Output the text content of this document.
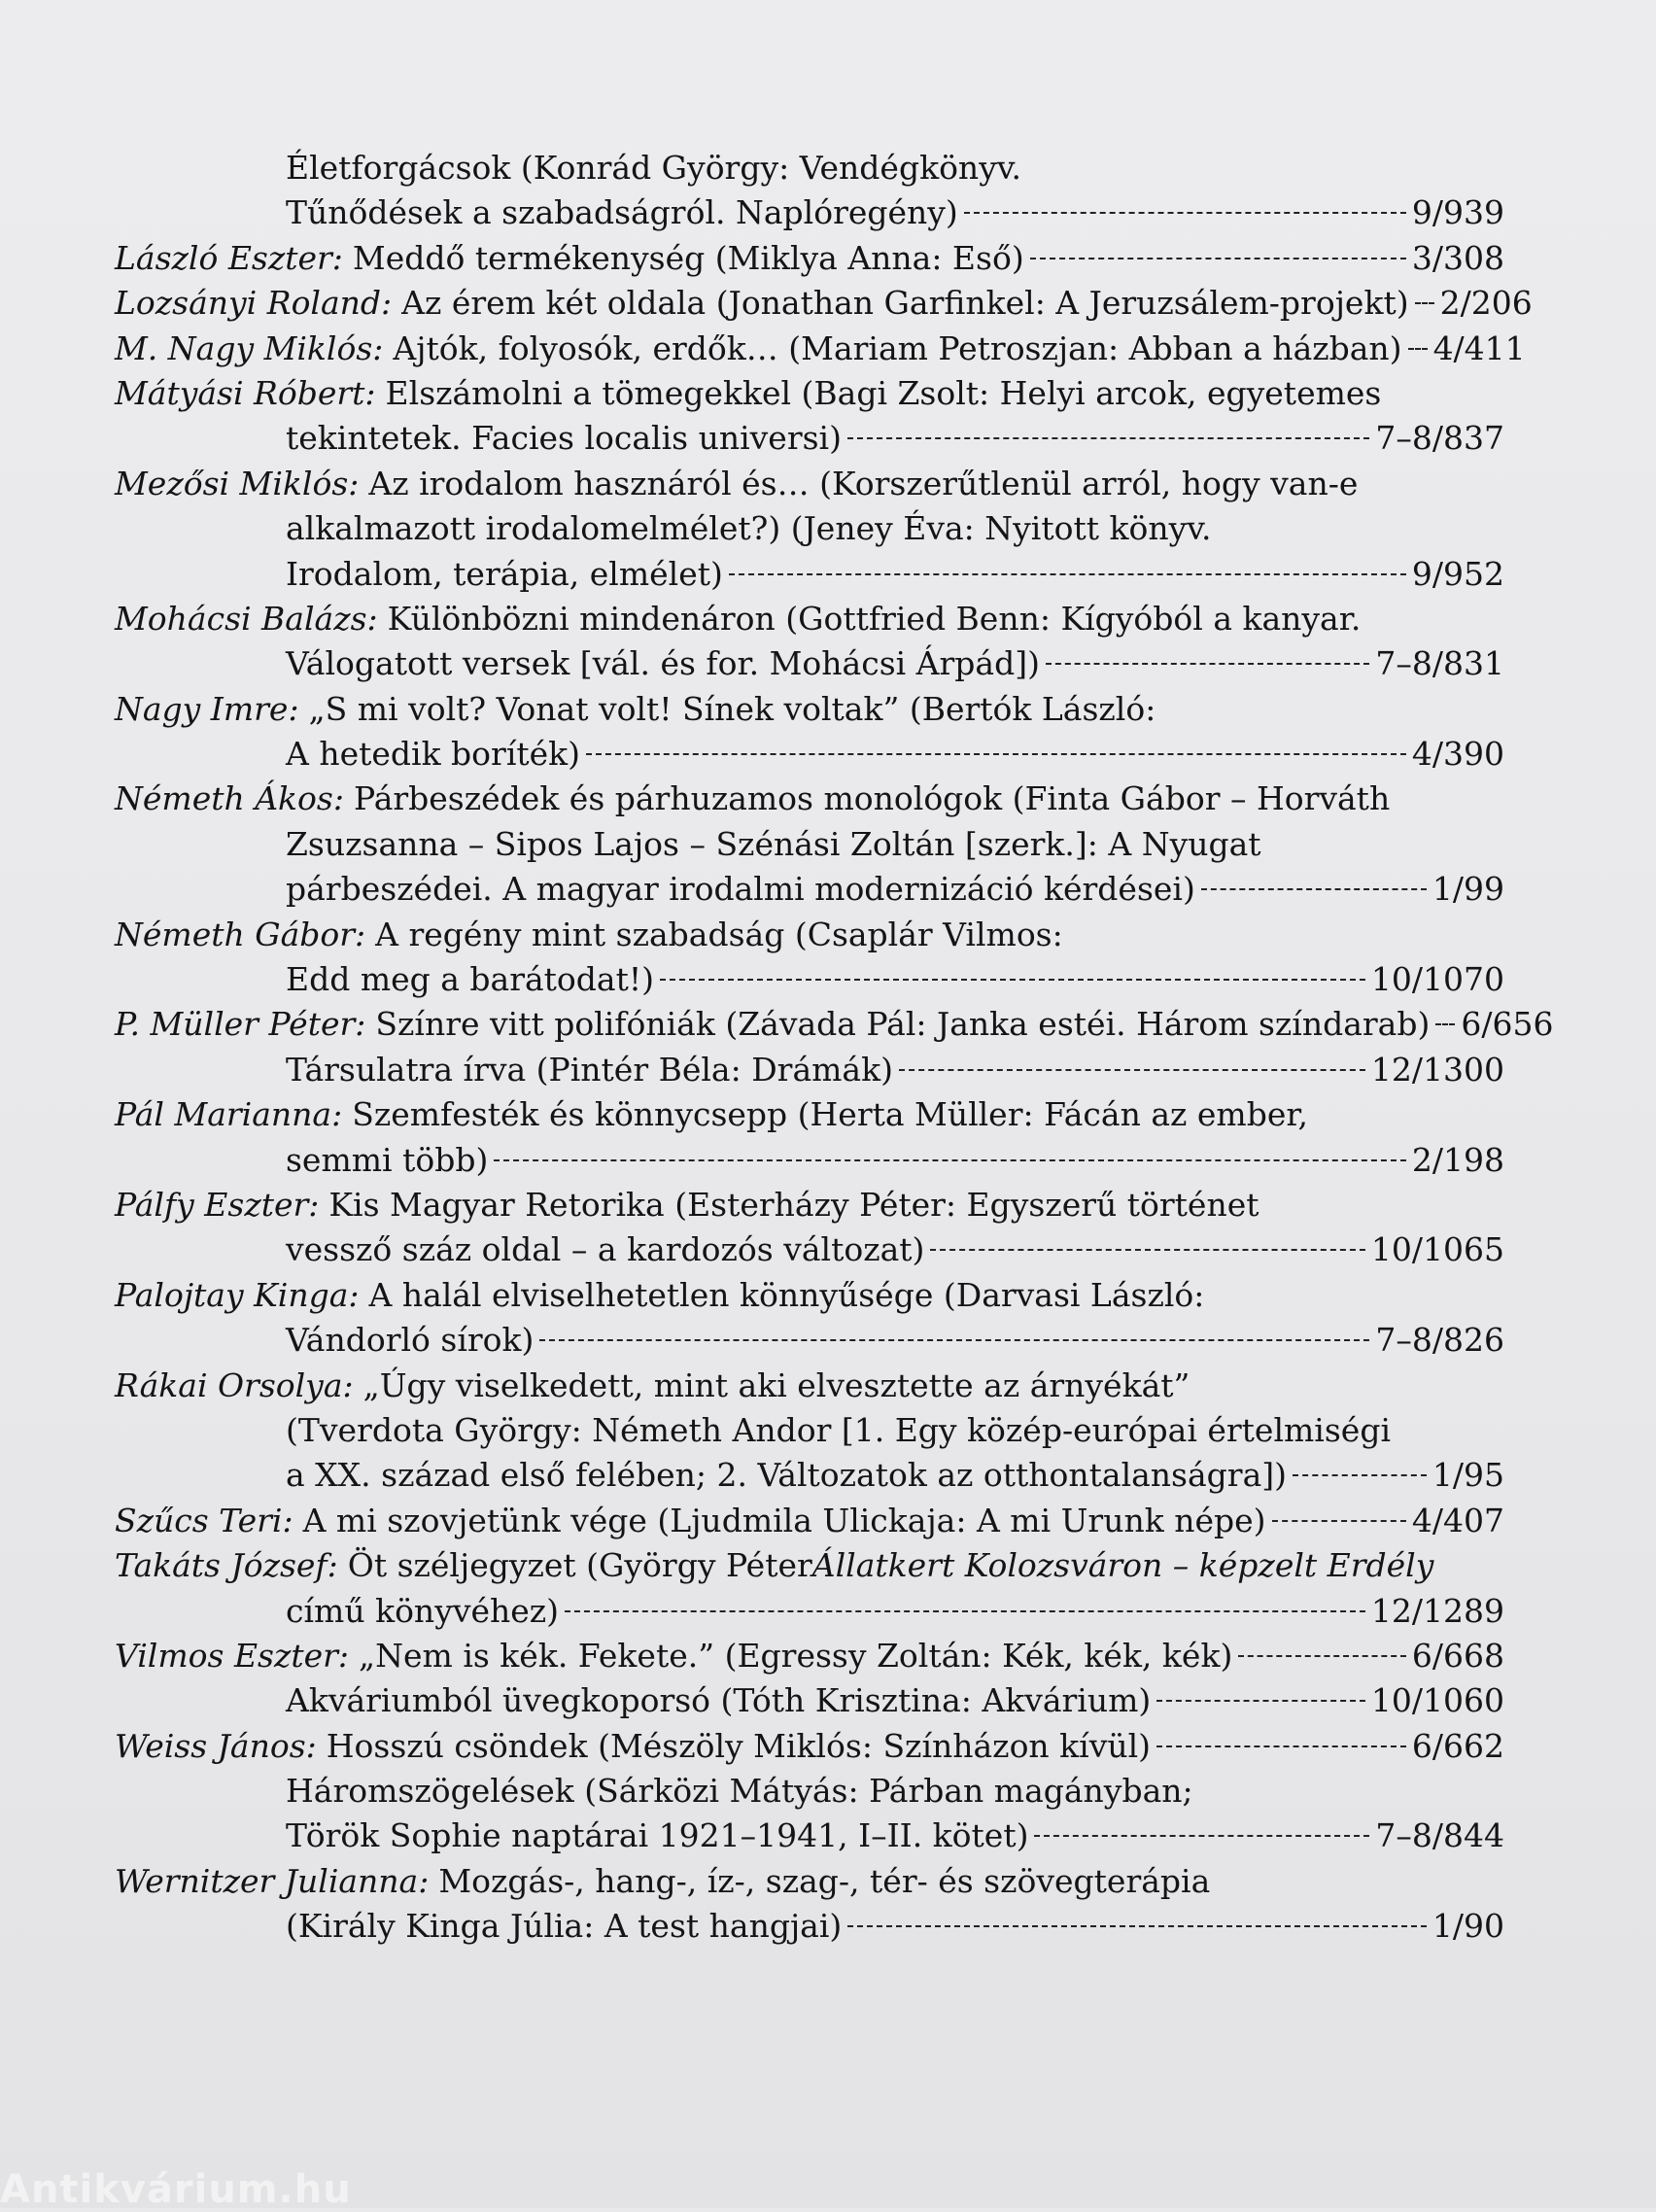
Életforgácsok (Konrád György: Vendégkönyv.
Tűnődések a szabadságról. Naplóregény)	9/939
László Eszter: Meddő termékenység (Miklya Anna: Eső)	3/308
Lozsányi Roland: Az érem két oldala (Jonathan Garfinkel: A Jeruzsálem-projekt) 2/206
M. Nagy Miklós: Ajtók, folyosók, erdők… (Mariam Petroszjan: Abban a házban) 4/411
Mátyási Róbert: Elszámolni a tömegekkel (Bagi Zsolt: Helyi arcok, egyetemes
tekintetek. Facies localis universi)	7–8/837
Mezősi Miklós: Az irodalom hasznáról és… (Korszerűtlenül arról, hogy van-e
alkalmazott irodalomelmélet?) (Jeney Éva: Nyitott könyv.
Irodalom, terápia, elmélet)	9/952
Mohácsi Balázs: Különbözni mindenáron (Gottfried Benn: Kígyóból a kanyar.
Válogatott versek [vál. és for. Mohácsi Árpád])	7–8/831
Nagy Imre: „S mi volt? Vonat volt! Sínek voltak” (Bertók László:
A hetedik boríték)	4/390
Németh Ákos: Párbeszédek és párhuzamos monológok (Finta Gábor – Horváth
Zsuzsanna – Sipos Lajos – Szénási Zoltán [szerk.]: A Nyugat
párbeszédei. A magyar irodalmi modernizáció kérdései)	1/99
Németh Gábor: A regény mint szabadság (Csaplár Vilmos:
Edd meg a barátodat!)	10/1070
P. Müller Péter: Színre vitt polifóniák (Závada Pál: Janka estéi. Három színdarab) 6/656
Társulatra írva (Pintér Béla: Drámák)	12/1300
Pál Marianna: Szemfesték és könnycsepp (Herta Müller: Fácán az ember,
semmi több)	2/198
Pálfy Eszter: Kis Magyar Retorika (Esterházy Péter: Egyszerű történet
vessző száz oldal – a kardozós változat)	10/1065
Palojtay Kinga: A halál elviselhetetlen könnyűsége (Darvasi László:
Vándorló sírok)	7–8/826
Rákai Orsolya: „Úgy viselkedett, mint aki elvesztette az árnyékát”
(Tverdota György: Németh Andor [1. Egy közép-európai értelmiségi
a XX. század első felében; 2. Változatok az otthontalanságra])	1/95
Szűcs Teri: A mi szovjetünk vége (Ljudmila Ulickaja: A mi Urunk népe)	4/407
Takáts József: Öt széljegyzet (György Péter Állatkert Kolozsváron – képzelt Erdély
című könyvéhez)	12/1289
Vilmos Eszter: „Nem is kék. Fekete.” (Egressy Zoltán: Kék, kék, kék)	6/668
Akváriumból üvegkoporsó (Tóth Krisztina: Akvárium)	10/1060
Weiss János: Hosszú csöndek (Mészöly Miklós: Színházon kívül)	6/662
Háromszögelések (Sárközi Mátyás: Párban magányban;
Török Sophie naptárai 1921–1941, I–II. kötet)	7–8/844
Wernitzer Julianna: Mozgás-, hang-, íz-, szag-, tér- és szövegterápia
(Király Kinga Júlia: A test hangjai)	1/90
Antikvárium.hu
